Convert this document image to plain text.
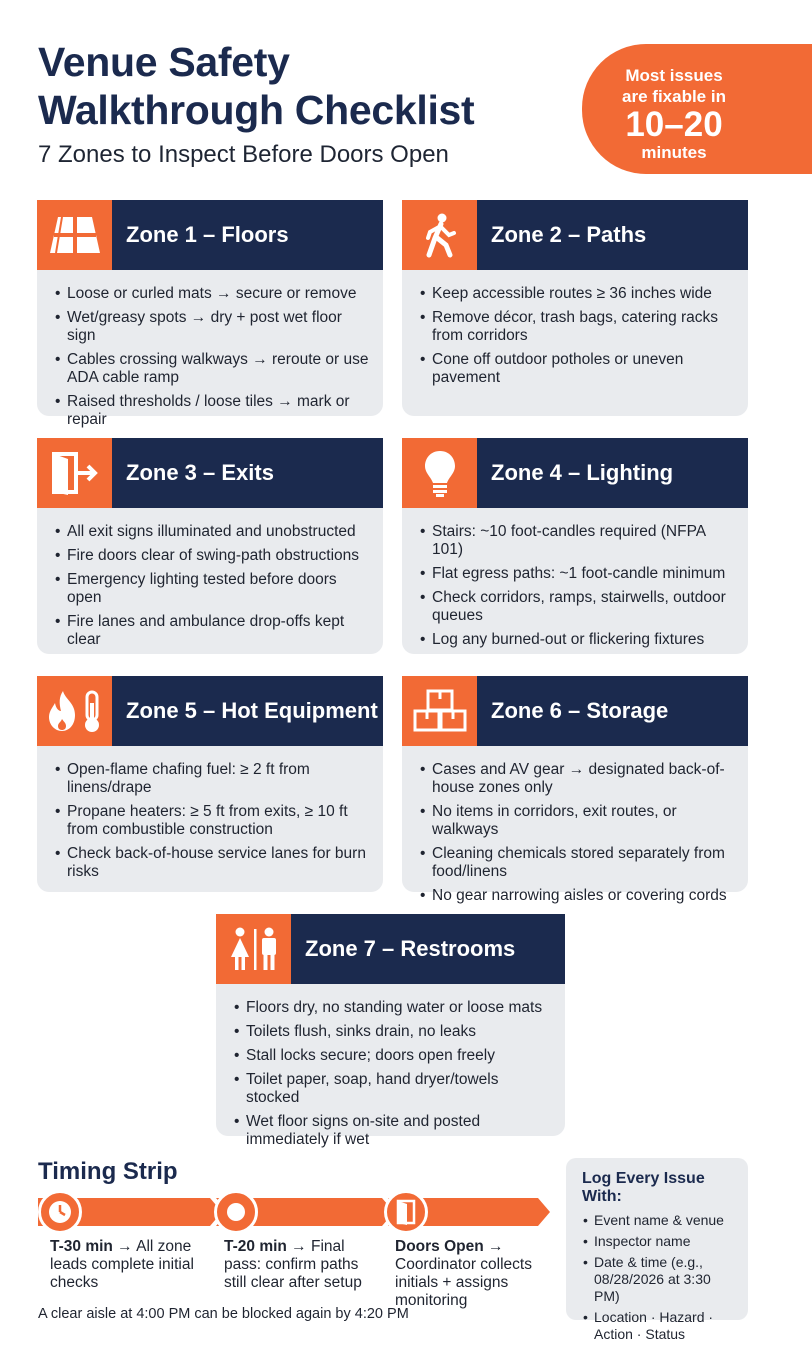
Venue Safety
Walkthrough Checklist
7 Zones to Inspect Before Doors Open
Most issues
are fixable in
10–20
minutes
Zone 1 – Floors
• Loose or curled mats → secure or remove
• Wet/greasy spots → dry + post wet floor sign
• Cables crossing walkways → reroute or use ADA cable ramp
• Raised thresholds / loose tiles → mark or repair
Zone 2 – Paths
• Keep accessible routes ≥ 36 inches wide
• Remove décor, trash bags, catering racks from corridors
• Cone off outdoor potholes or uneven pavement
Zone 3 – Exits
• All exit signs illuminated and unobstructed
• Fire doors clear of swing-path obstructions
• Emergency lighting tested before doors open
• Fire lanes and ambulance drop-offs kept clear
Zone 4 – Lighting
• Stairs: ~10 foot-candles required (NFPA 101)
• Flat egress paths: ~1 foot-candle minimum
• Check corridors, ramps, stairwells, outdoor queues
• Log any burned-out or flickering fixtures
Zone 5 – Hot Equipment
• Open-flame chafing fuel: ≥ 2 ft from linens/drape
• Propane heaters: ≥ 5 ft from exits, ≥ 10 ft from combustible construction
• Check back-of-house service lanes for burn risks
Zone 6 – Storage
• Cases and AV gear → designated back-of-house zones only
• No items in corridors, exit routes, or walkways
• Cleaning chemicals stored separately from food/linens
• No gear narrowing aisles or covering cords
Zone 7 – Restrooms
• Floors dry, no standing water or loose mats
• Toilets flush, sinks drain, no leaks
• Stall locks secure; doors open freely
• Toilet paper, soap, hand dryer/towels stocked
• Wet floor signs on-site and posted immediately if wet
Timing Strip
T-30 min → All zone leads complete initial checks
T-20 min → Final pass: confirm paths still clear after setup
Doors Open → Coordinator collects initials + assigns monitoring
A clear aisle at 4:00 PM can be blocked again by 4:20 PM
Log Every Issue With:
• Event name & venue
• Inspector name
• Date & time (e.g., 08/28/2026 at 3:30 PM)
• Location · Hazard · Action · Status
